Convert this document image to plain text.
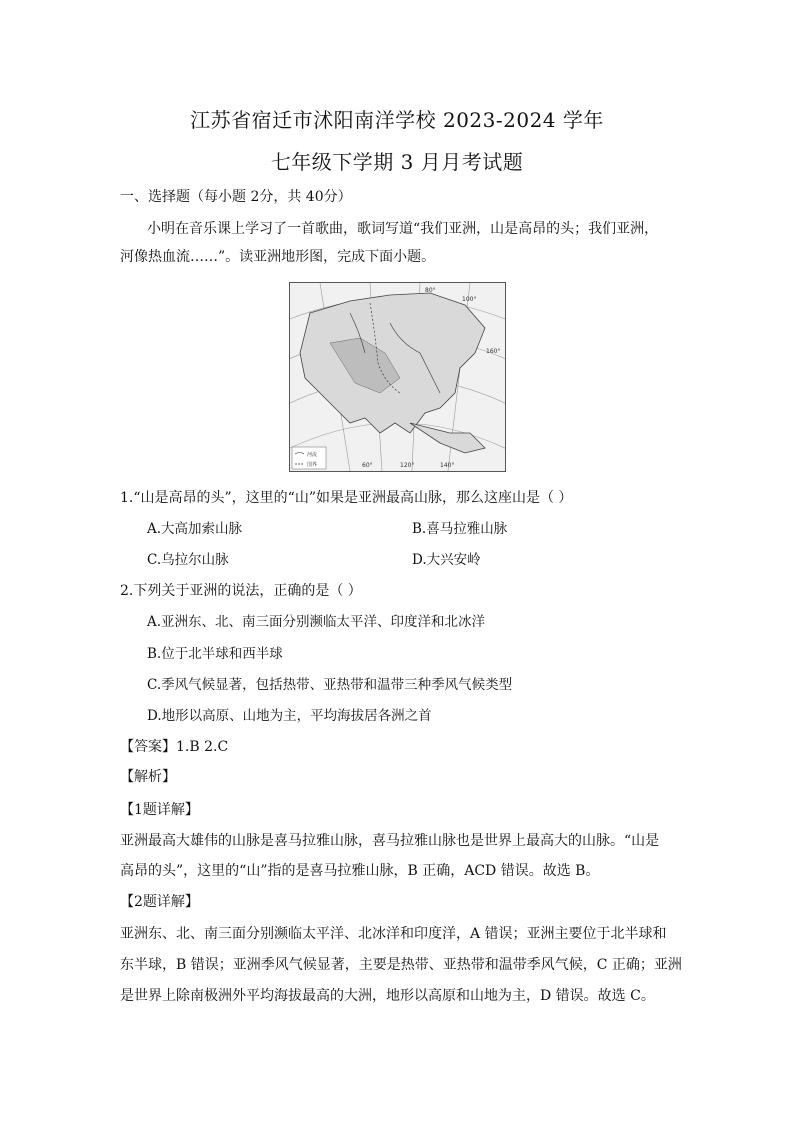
江苏省宿迁市沭阳南洋学校 2023-2024 学年
七年级下学期 3 月月考试题
一、选择题（每小题 2分，共 40分）
小明在音乐课上学习了一首歌曲，歌词写道“我们亚洲，山是高昂的头；我们亚洲，
河像热血流……”。读亚洲地形图，完成下面小题。
80°
100°
60°	120°	140°
160°
河流
国界
1.“山是高昂的头”，这里的“山”如果是亚洲最高山脉，那么这座山是（ ）
A.大高加索山脉	B.喜马拉雅山脉
C.乌拉尔山脉	D.大兴安岭
2.下列关于亚洲的说法，正确的是（ ）
A.亚洲东、北、南三面分别濒临太平洋、印度洋和北冰洋
B.位于北半球和西半球
C.季风气候显著，包括热带、亚热带和温带三种季风气候类型
D.地形以高原、山地为主，平均海拔居各洲之首
【答案】1.B 2.C
【解析】
【1题详解】
亚洲最高大雄伟的山脉是喜马拉雅山脉，喜马拉雅山脉也是世界上最高大的山脉。“山是
高昂的头”，这里的“山”指的是喜马拉雅山脉，B 正确，ACD 错误。故选 B。
【2题详解】
亚洲东、北、南三面分别濒临太平洋、北冰洋和印度洋，A 错误；亚洲主要位于北半球和
东半球，B 错误；亚洲季风气候显著，主要是热带、亚热带和温带季风气候，C 正确；亚洲
是世界上除南极洲外平均海拔最高的大洲，地形以高原和山地为主，D 错误。故选 C。
